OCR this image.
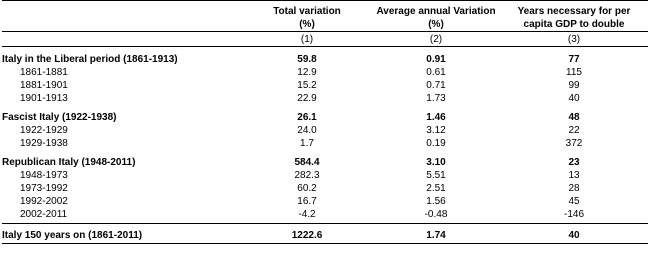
	Total variation	Average annual Variation	Years necessary for per
	(%)	(%)	capita GDP to double
	(1)	(2)	(3)
Italy in the Liberal period (1861-1913)	59.8	0.91	77
1861-1881	12.9	0.61	115
1881-1901	15.2	0.71	99
1901-1913	22.9	1.73	40
Fascist Italy (1922-1938)	26.1	1.46	48
1922-1929	24.0	3.12	22
1929-1938	1.7	0.19	372
Republican Italy (1948-2011)	584.4	3.10	23
1948-1973	282.3	5.51	13
1973-1992	60.2	2.51	28
1992-2002	16.7	1.56	45
2002-2011	-4.2	-0.48	-146

Italy 150 years on (1861-2011)	1222.6	1.74	40
